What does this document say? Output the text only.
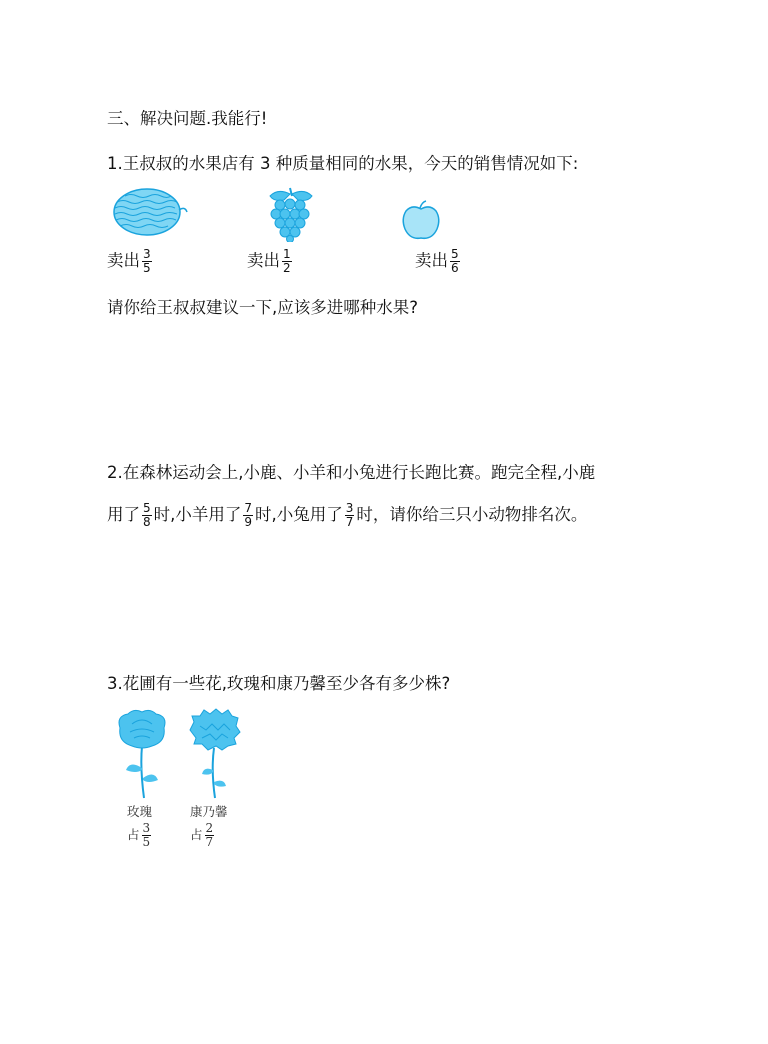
三、解决问题.我能行!
1.王叔叔的水果店有 3 种质量相同的水果，今天的销售情况如下:
卖出 $\frac{3}{5}$	卖出 $\frac{1}{2}$	卖出 $\frac{5}{6}$
请你给王叔叔建议一下,应该多进哪种水果?
2.在森林运动会上,小鹿、小羊和小兔进行长跑比赛。跑完全程,小鹿
用了 $\frac{5}{8}$ 时,小羊用了 $\frac{7}{9}$ 时,小兔用了 $\frac{3}{7}$ 时，请你给三只小动物排名次。
3.花圃有一些花,玫瑰和康乃馨至少各有多少株?
玫瑰	康乃馨
占 $\frac{3}{5}$	占 $\frac{2}{7}$
